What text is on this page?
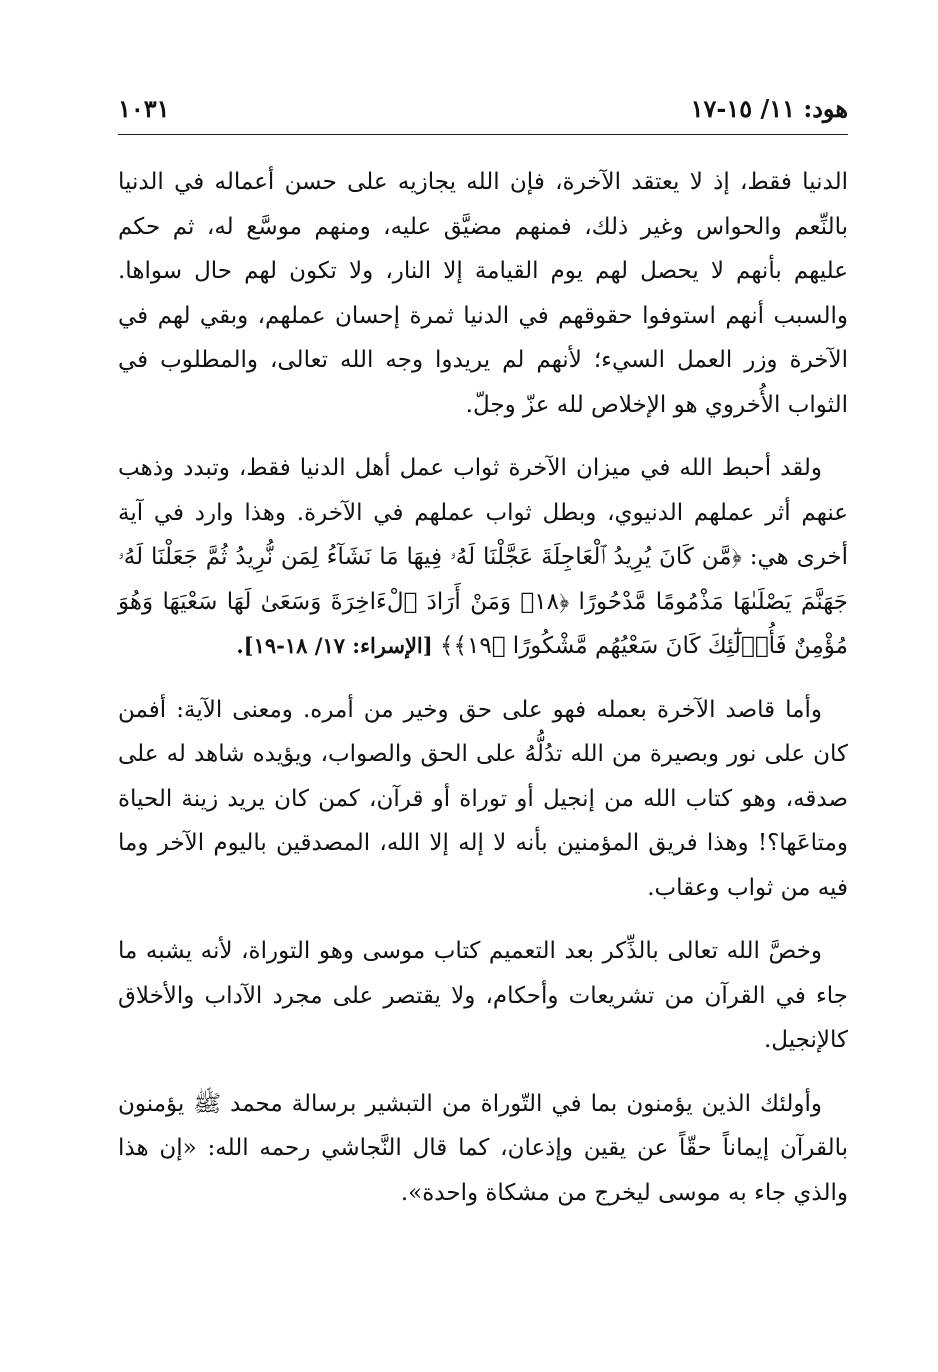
هود: ١١/ ١٥-١٧
١٠٣١

الدنيا فقط، إذ لا يعتقد الآخرة، فإن الله يجازيه على حسن أعماله في الدنيا بالنِّعم والحواس وغير ذلك، فمنهم مضيَّق عليه، ومنهم موسَّع له، ثم حكم عليهم بأنهم لا يحصل لهم يوم القيامة إلا النار، ولا تكون لهم حال سواها. والسبب أنهم استوفوا حقوقهم في الدنيا ثمرة إحسان عملهم، وبقي لهم في الآخرة وزر العمل السيء؛ لأنهم لم يريدوا وجه الله تعالى، والمطلوب في الثواب الأُخروي هو الإخلاص لله عزّ وجلّ.

ولقد أحبط الله في ميزان الآخرة ثواب عمل أهل الدنيا فقط، وتبدد وذهب عنهم أثر عملهم الدنيوي، وبطل ثواب عملهم في الآخرة. وهذا وارد في آية أخرى هي: ﴿مَّن كَانَ يُرِيدُ ٱلْعَاجِلَةَ عَجَّلْنَا لَهُۥ فِيهَا مَا نَشَآءُ لِمَن نُّرِيدُ ثُمَّ جَعَلْنَا لَهُۥ جَهَنَّمَ يَصْلَىٰهَا مَذْمُومًا مَّدْحُورًا ﴿١٨﴾ وَمَنْ أَرَادَ ٱلْءَاخِرَةَ وَسَعَىٰ لَهَا سَعْيَهَا وَهُوَ مُؤْمِنٌ فَأُو۟لَٰٓئِكَ كَانَ سَعْيُهُم مَّشْكُورًا ﴿١٩﴾﴾ [الإسراء: ١٧/ ١٨-١٩].

وأما قاصد الآخرة بعمله فهو على حق وخير من أمره. ومعنى الآية: أفمن كان على نور وبصيرة من الله تدُلُّهُ على الحق والصواب، ويؤيده شاهد له على صدقه، وهو كتاب الله من إنجيل أو توراة أو قرآن، كمن كان يريد زينة الحياة ومتاعَها؟! وهذا فريق المؤمنين بأنه لا إله إلا الله، المصدقين باليوم الآخر وما فيه من ثواب وعقاب.

وخصَّ الله تعالى بالذِّكر بعد التعميم كتاب موسى وهو التوراة، لأنه يشبه ما جاء في القرآن من تشريعات وأحكام، ولا يقتصر على مجرد الآداب والأخلاق كالإنجيل.

وأولئك الذين يؤمنون بما في التّوراة من التبشير برسالة محمد ﷺ يؤمنون بالقرآن إيماناً حقّاً عن يقين وإذعان، كما قال النَّجاشي رحمه الله: «إن هذا والذي جاء به موسى ليخرج من مشكاة واحدة».
